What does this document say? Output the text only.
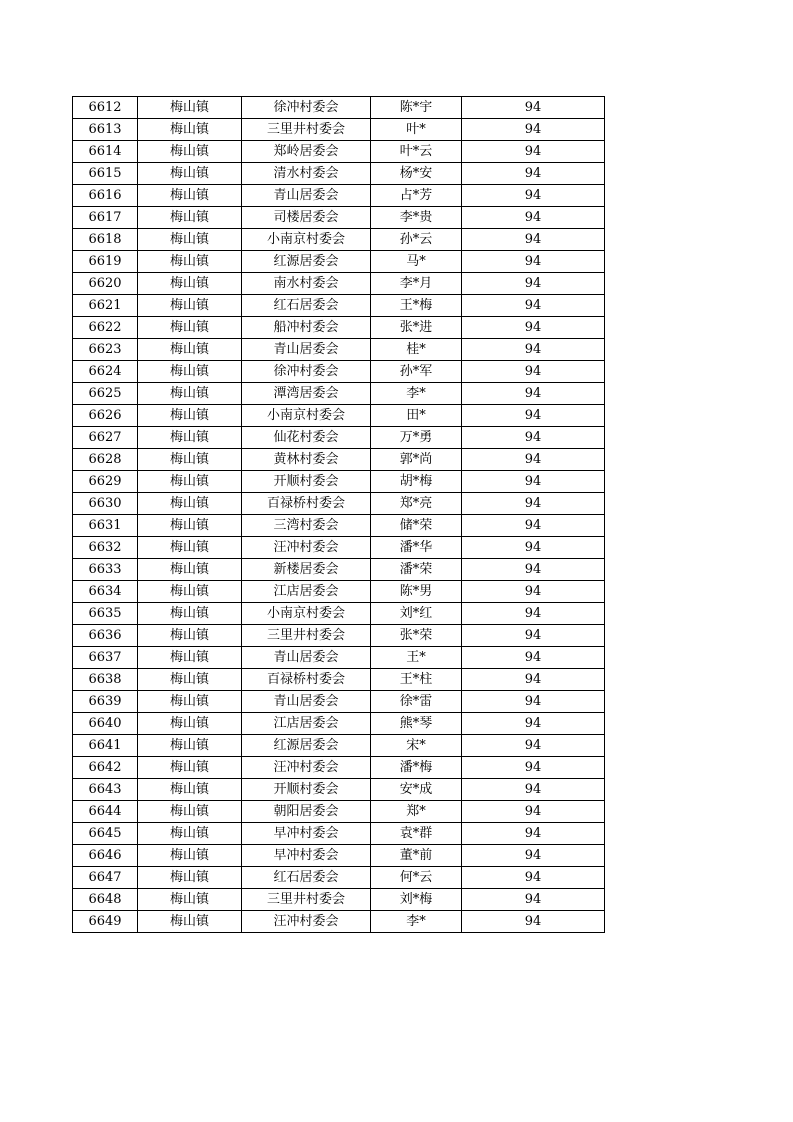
6612	梅山镇	徐冲村委会	陈*宇	94
6613	梅山镇	三里井村委会	叶*	94
6614	梅山镇	郑岭居委会	叶*云	94
6615	梅山镇	清水村委会	杨*安	94
6616	梅山镇	青山居委会	占*芳	94
6617	梅山镇	司楼居委会	李*贵	94
6618	梅山镇	小南京村委会	孙*云	94
6619	梅山镇	红源居委会	马*	94
6620	梅山镇	南水村委会	李*月	94
6621	梅山镇	红石居委会	王*梅	94
6622	梅山镇	船冲村委会	张*进	94
6623	梅山镇	青山居委会	桂*	94
6624	梅山镇	徐冲村委会	孙*军	94
6625	梅山镇	潭湾居委会	李*	94
6626	梅山镇	小南京村委会	田*	94
6627	梅山镇	仙花村委会	万*勇	94
6628	梅山镇	黄林村委会	郭*尚	94
6629	梅山镇	开顺村委会	胡*梅	94
6630	梅山镇	百禄桥村委会	郑*亮	94
6631	梅山镇	三湾村委会	储*荣	94
6632	梅山镇	汪冲村委会	潘*华	94
6633	梅山镇	新楼居委会	潘*荣	94
6634	梅山镇	江店居委会	陈*男	94
6635	梅山镇	小南京村委会	刘*红	94
6636	梅山镇	三里井村委会	张*荣	94
6637	梅山镇	青山居委会	王*	94
6638	梅山镇	百禄桥村委会	王*柱	94
6639	梅山镇	青山居委会	徐*雷	94
6640	梅山镇	江店居委会	熊*琴	94
6641	梅山镇	红源居委会	宋*	94
6642	梅山镇	汪冲村委会	潘*梅	94
6643	梅山镇	开顺村委会	安*成	94
6644	梅山镇	朝阳居委会	郑*	94
6645	梅山镇	早冲村委会	袁*群	94
6646	梅山镇	早冲村委会	董*前	94
6647	梅山镇	红石居委会	何*云	94
6648	梅山镇	三里井村委会	刘*梅	94
6649	梅山镇	汪冲村委会	李*	94
